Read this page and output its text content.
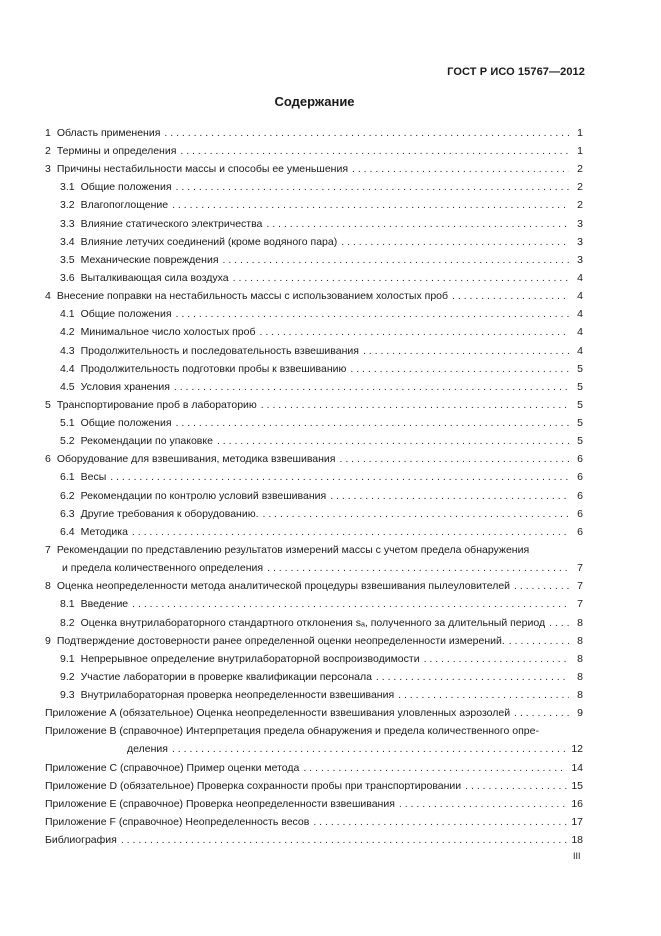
ГОСТ Р ИСО 15767—2012
Содержание
1 Область применения . . .	1
2 Термины и определения . . .	1
3 Причины нестабильности массы и способы ее уменьшения . . .	2
3.1 Общие положения . . .	2
3.2 Влагопоглощение . . .	2
3.3 Влияние статического электричества . . .	3
3.4 Влияние летучих соединений (кроме водяного пара) . . .	3
3.5 Механические повреждения . . .	3
3.6 Выталкивающая сила воздуха . . .	4
4 Внесение поправки на нестабильность массы с использованием холостых проб . . .	4
4.1 Общие положения . . .	4
4.2 Минимальное число холостых проб . . .	4
4.3 Продолжительность и последовательность взвешивания . . .	4
4.4 Продолжительность подготовки пробы к взвешиванию . . .	5
4.5 Условия хранения . . .	5
5 Транспортирование проб в лабораторию . . .	5
5.1 Общие положения . . .	5
5.2 Рекомендации по упаковке . . .	5
6 Оборудование для взвешивания, методика взвешивания . . .	6
6.1 Весы . . .	6
6.2 Рекомендации по контролю условий взвешивания . . .	6
6.3 Другие требования к оборудованию. . . .	6
6.4 Методика . . .	6
7 Рекомендации по представлению результатов измерений массы с учетом предела обнаружения
и предела количественного определения . . .	7
8 Оценка неопределенности метода аналитической процедуры взвешивания пылеуловителей . . .	7
8.1 Введение . . .	7
8.2 Оценка внутрилабораторного стандартного отклонения sₐ, полученного за длительный период . . .	8
9 Подтверждение достоверности ранее определенной оценки неопределенности измерений. . . .	8
9.1 Непрерывное определение внутрилабораторной воспроизводимости . . .	8
9.2 Участие лаборатории в проверке квалификации персонала . . .	8
9.3 Внутрилабораторная проверка неопределенности взвешивания . . .	8
Приложение А (обязательное) Оценка неопределенности взвешивания уловленных аэрозолей . . .	9
Приложение В (справочное) Интерпретация предела обнаружения и предела количественного опре-
деления . . .	12
Приложение С (справочное) Пример оценки метода . . .	14
Приложение D (обязательное) Проверка сохранности пробы при транспортировании . . .	15
Приложение Е (справочное) Проверка неопределенности взвешивания . . .	16
Приложение F (справочное) Неопределенность весов . . .	17
Библиография . . .	18
III
